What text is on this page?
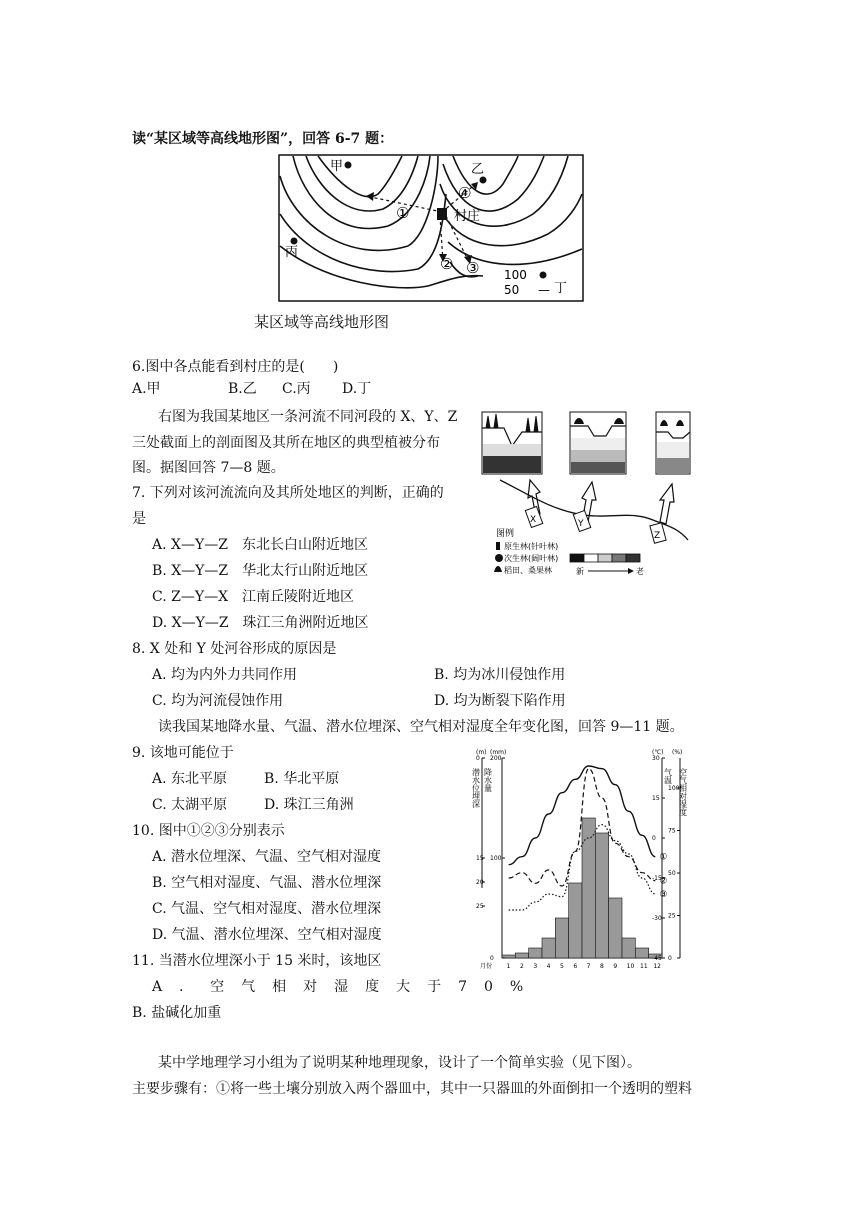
读“某区域等高线地形图”，回答 6-7 题：
甲	乙
丙
村庄
①
④
② ③ 100
50 — 丁
某区域等高线地形图
6.图中各点能看到村庄的是(　　)
A.甲	B.乙 C.丙 D.丁
右图为我国某地区一条河流不同河段的 X、Y、Z
三处截面上的剖面图及其所在地区的典型植被分布
图。据图回答 7—8 题。
7. 下列对该河流流向及其所处地区的判断，正确的
是
A. X—Y—Z　东北长白山附近地区
B. X—Y—Z　华北太行山附近地区
C. Z—Y—X　江南丘陵附近地区
D. X—Y—Z　珠江三角洲附近地区
X	Y
Z
图例
原生林(针叶林)
次生林(阔叶林)
稻田、桑果林	新	老
8. X 处和 Y 处河谷形成的原因是
A. 均为内外力共同作用	B. 均为冰川侵蚀作用
C. 均为河流侵蚀作用	D. 均为断裂下陷作用
读我国某地降水量、气温、潜水位埋深、空气相对湿度全年变化图，回答 9—11 题。
9. 该地可能位于
A. 东北平原	B. 华北平原
C. 太湖平原	D. 珠江三角洲
10. 图中①②③分别表示
A. 潜水位埋深、气温、空气相对湿度
B. 空气相对湿度、气温、潜水位埋深
C. 气温、空气相对湿度、潜水位埋深
D. 气温、潜水位埋深、空气相对湿度
11. 当潜水位埋深小于 15 米时，该地区
A．空气相对湿度大于70%
B. 盐碱化加重
(m) (mm)	(℃) (%)
潜水位埋深 降水量	气温 空气相对湿度
1 2 3 4 5 6 7 8 9 10 11 12
月份
①
②
③
30
15
0
-15
-30
-45
100
75
50
25
0
200
100
0
0
15
20
25
某中学地理学习小组为了说明某种地理现象，设计了一个简单实验（见下图）。
主要步骤有：①将一些土壤分别放入两个器皿中，其中一只器皿的外面倒扣一个透明的塑料
